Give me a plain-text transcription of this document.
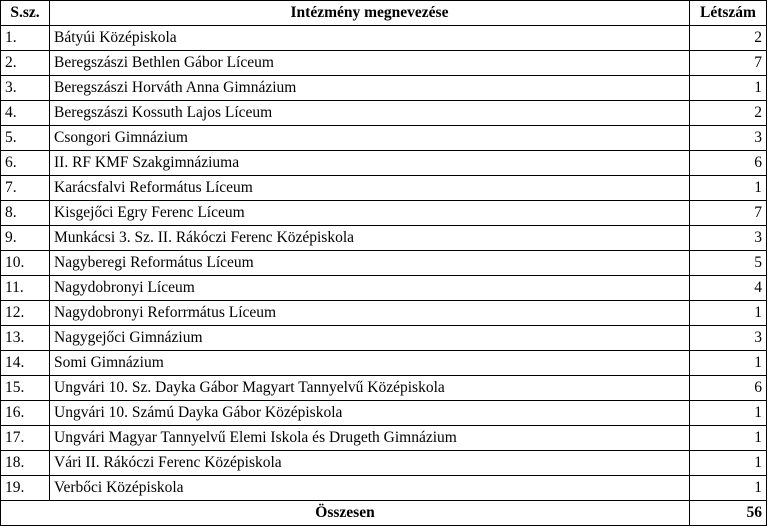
S.sz.	Intézmény megnevezése	Létszám
1.	Bátyúi Középiskola	2
2.	Beregszászi Bethlen Gábor Líceum	7
3.	Beregszászi Horváth Anna Gimnázium	1
4.	Beregszászi Kossuth Lajos Líceum	2
5.	Csongori Gimnázium	3
6.	II. RF KMF Szakgimnáziuma	6
7.	Karácsfalvi Református Líceum	1
8.	Kisgejőci Egry Ferenc Líceum	7
9.	Munkácsi 3. Sz. II. Rákóczi Ferenc Középiskola	3
10.	Nagyberegi Református Líceum	5
11.	Nagydobronyi Líceum	4
12.	Nagydobronyi Reforrmátus Líceum	1
13.	Nagygejőci Gimnázium	3
14.	Somi Gimnázium	1
15.	Ungvári 10. Sz. Dayka Gábor Magyart Tannyelvű Középiskola	6
16.	Ungvári 10. Számú Dayka Gábor Középiskola	1
17.	Ungvári Magyar Tannyelvű Elemi Iskola és Drugeth Gimnázium	1
18.	Vári II. Rákóczi Ferenc Középiskola	1
19.	Verbőci Középiskola	1
Összesen		56
